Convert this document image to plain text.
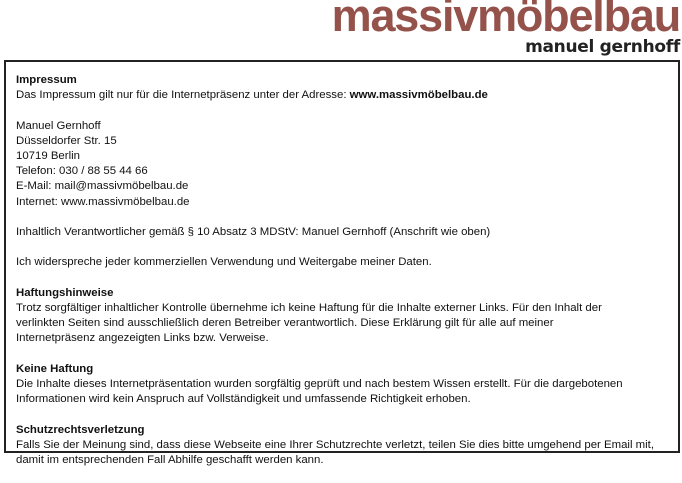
massivmöbelbau
manuel gernhoff
Impressum
Das Impressum gilt nur für die Internetpräsenz unter der Adresse: www.massivmöbelbau.de
Manuel Gernhoff
Düsseldorfer Str. 15
10719 Berlin
Telefon: 030 / 88 55 44 66
E-Mail: mail@massivmöbelbau.de
Internet: www.massivmöbelbau.de
Inhaltlich Verantwortlicher gemäß § 10 Absatz 3 MDStV: Manuel Gernhoff (Anschrift wie oben)
Ich widerspreche jeder kommerziellen Verwendung und Weitergabe meiner Daten.
Haftungshinweise
Trotz sorgfältiger inhaltlicher Kontrolle übernehme ich keine Haftung für die Inhalte externer Links. Für den Inhalt der
verlinkten Seiten sind ausschließlich deren Betreiber verantwortlich. Diese Erklärung gilt für alle auf meiner
Internetpräsenz angezeigten Links bzw. Verweise.
Keine Haftung
Die Inhalte dieses Internetpräsentation wurden sorgfältig geprüft und nach bestem Wissen erstellt. Für die dargebotenen
Informationen wird kein Anspruch auf Vollständigkeit und umfassende Richtigkeit erhoben.
Schutzrechtsverletzung
Falls Sie der Meinung sind, dass diese Webseite eine Ihrer Schutzrechte verletzt, teilen Sie dies bitte umgehend per Email mit,
damit im entsprechenden Fall Abhilfe geschafft werden kann.
